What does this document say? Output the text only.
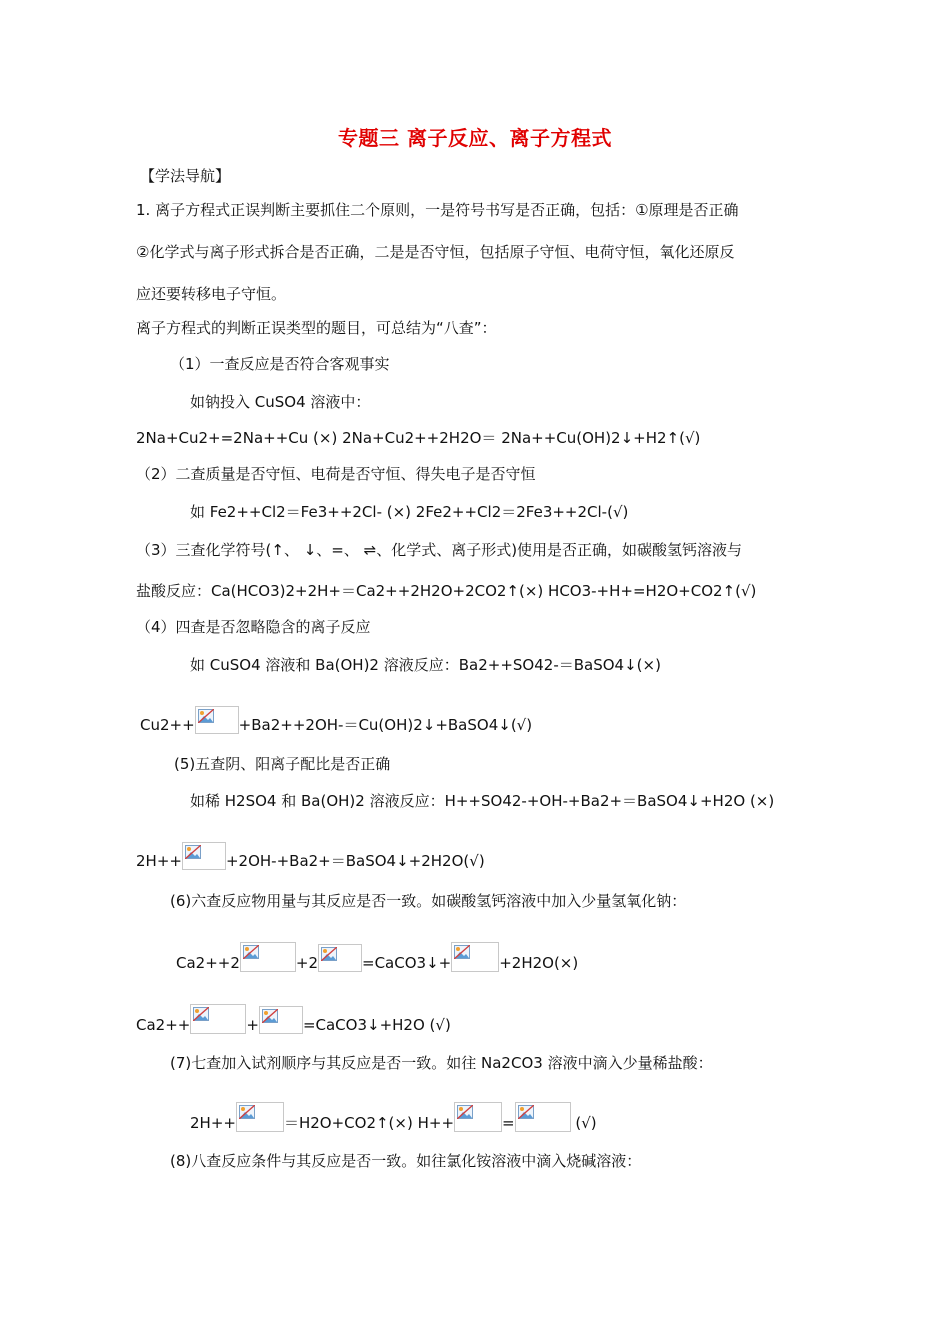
专题三 离子反应、离子方程式
【学法导航】
1. 离子方程式正误判断主要抓住二个原则，一是符号书写是否正确，包括：①原理是否正确
②化学式与离子形式拆合是否正确，二是是否守恒，包括原子守恒、电荷守恒，氧化还原反
应还要转移电子守恒。
离子方程式的判断正误类型的题目，可总结为“八查”：
（1）一查反应是否符合客观事实
如钠投入 CuSO4 溶液中：
2Na+Cu2+=2Na++Cu (×) 2Na+Cu2++2H2O＝ 2Na++Cu(OH)2↓+H2↑(√)
（2）二查质量是否守恒、电荷是否守恒、得失电子是否守恒
如 Fe2++Cl2＝Fe3++2Cl- (×) 2Fe2++Cl2＝2Fe3++2Cl-(√)
（3）三查化学符号(↑、 ↓、=、 ⇌、化学式、离子形式)使用是否正确，如碳酸氢钙溶液与
盐酸反应：Ca(HCO3)2+2H+＝Ca2++2H2O+2CO2↑(×) HCO3-+H+=H2O+CO2↑(√)
（4）四查是否忽略隐含的离子反应
如 CuSO4 溶液和 Ba(OH)2 溶液反应：Ba2++SO42-＝BaSO4↓(×)
Cu2++	+Ba2++2OH-＝Cu(OH)2↓+BaSO4↓(√)
(5)五查阴、阳离子配比是否正确
如稀 H2SO4 和 Ba(OH)2 溶液反应：H++SO42-+OH-+Ba2+＝BaSO4↓+H2O (×)
2H++	+2OH-+Ba2+＝BaSO4↓+2H2O(√)
(6)六查反应物用量与其反应是否一致。如碳酸氢钙溶液中加入少量氢氧化钠：
Ca2++2	+2	=CaCO3↓+	+2H2O(×)
Ca2++	+	=CaCO3↓+H2O (√)
(7)七查加入试剂顺序与其反应是否一致。如往 Na2CO3 溶液中滴入少量稀盐酸：
2H++	＝H2O+CO2↑(×) H++	=	(√)
(8)八查反应条件与其反应是否一致。如往氯化铵溶液中滴入烧碱溶液：
